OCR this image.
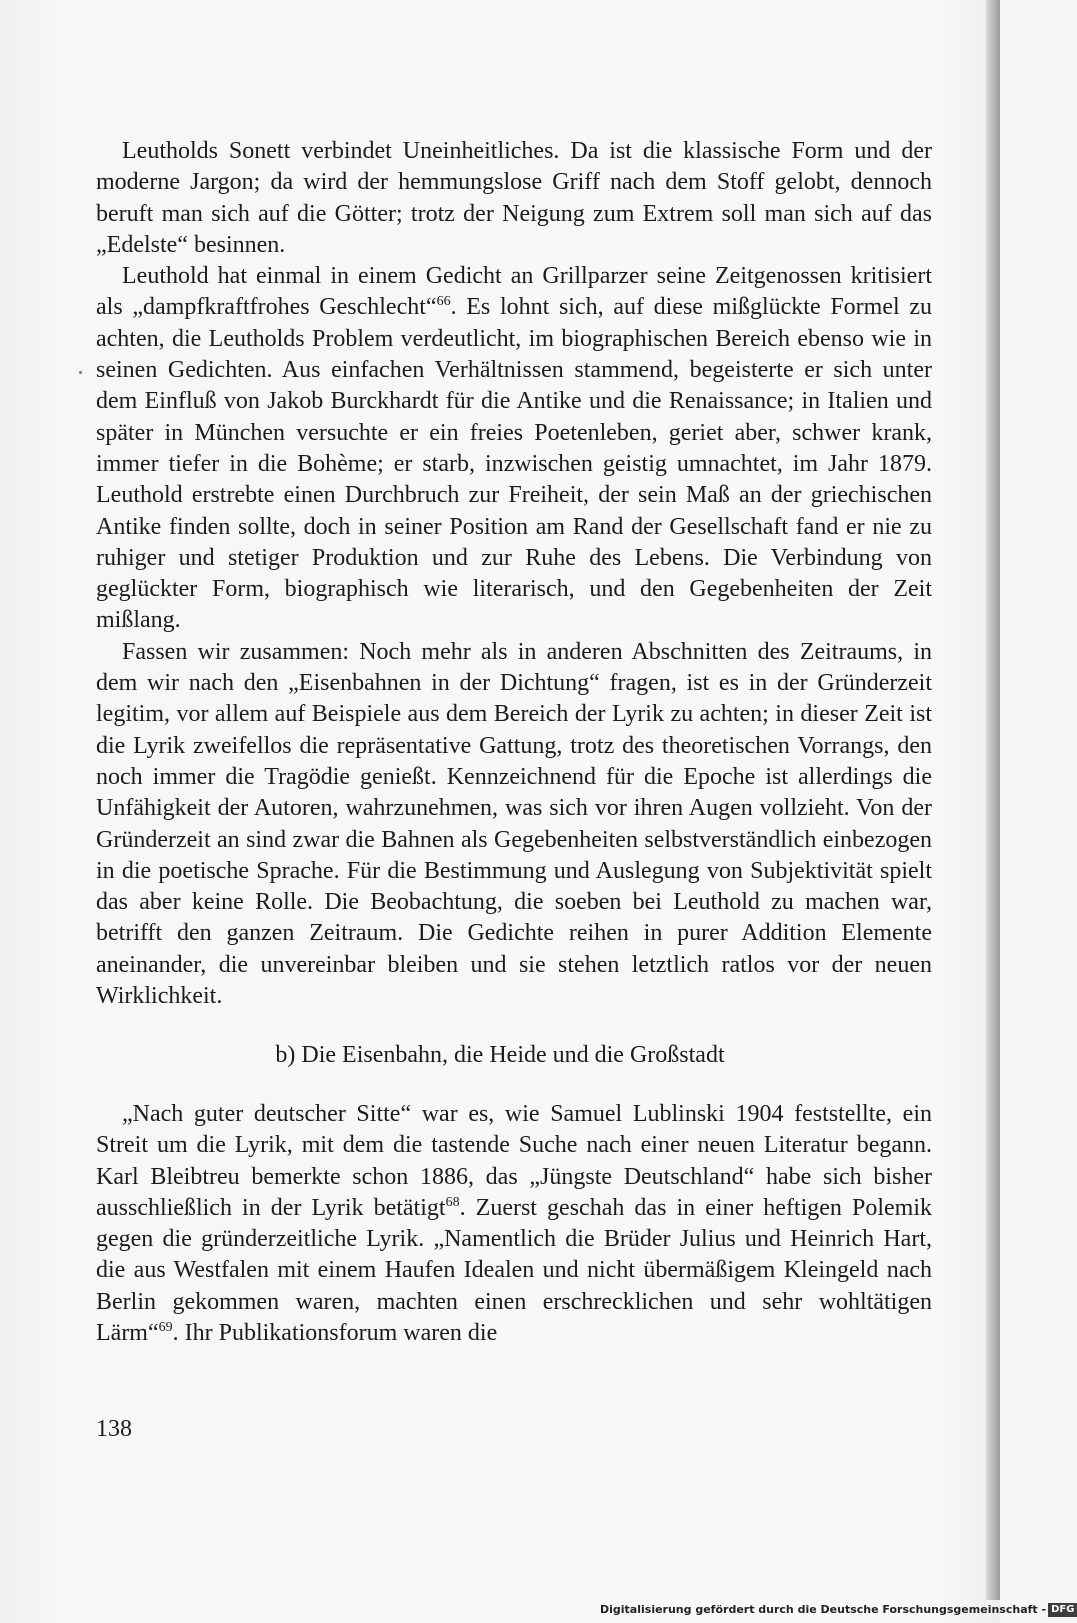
Leutholds Sonett verbindet Uneinheitliches. Da ist die klassische Form und der moderne Jargon; da wird der hemmungslose Griff nach dem Stoff gelobt, dennoch beruft man sich auf die Götter; trotz der Neigung zum Extrem soll man sich auf das „Edelste“ besinnen.

Leuthold hat einmal in einem Gedicht an Grillparzer seine Zeitgenossen kritisiert als „dampfkraftfrohes Geschlecht“$^{66}$. Es lohnt sich, auf diese mißglückte Formel zu achten, die Leutholds Problem verdeutlicht, im biographischen Bereich ebenso wie in seinen Gedichten. Aus einfachen Verhältnissen stammend, begeisterte er sich unter dem Einfluß von Jakob Burckhardt für die Antike und die Renaissance; in Italien und später in München versuchte er ein freies Poetenleben, geriet aber, schwer krank, immer tiefer in die Bohème; er starb, inzwischen geistig umnachtet, im Jahr 1879. Leuthold erstrebte einen Durchbruch zur Freiheit, der sein Maß an der griechischen Antike finden sollte, doch in seiner Position am Rand der Gesellschaft fand er nie zu ruhiger und stetiger Produktion und zur Ruhe des Lebens. Die Verbindung von geglückter Form, biographisch wie literarisch, und den Gegebenheiten der Zeit mißlang.

Fassen wir zusammen: Noch mehr als in anderen Abschnitten des Zeitraums, in dem wir nach den „Eisenbahnen in der Dichtung“ fragen, ist es in der Gründerzeit legitim, vor allem auf Beispiele aus dem Bereich der Lyrik zu achten; in dieser Zeit ist die Lyrik zweifellos die repräsentative Gattung, trotz des theoretischen Vorrangs, den noch immer die Tragödie genießt. Kennzeichnend für die Epoche ist allerdings die Unfähigkeit der Autoren, wahrzunehmen, was sich vor ihren Augen vollzieht. Von der Gründerzeit an sind zwar die Bahnen als Gegebenheiten selbstverständlich einbezogen in die poetische Sprache. Für die Bestimmung und Auslegung von Subjektivität spielt das aber keine Rolle. Die Beobachtung, die soeben bei Leuthold zu machen war, betrifft den ganzen Zeitraum. Die Gedichte reihen in purer Addition Elemente aneinander, die unvereinbar bleiben und sie stehen letztlich ratlos vor der neuen Wirklichkeit.

b) Die Eisenbahn, die Heide und die Großstadt

„Nach guter deutscher Sitte“ war es, wie Samuel Lublinski 1904 feststellte, ein Streit um die Lyrik, mit dem die tastende Suche nach einer neuen Literatur begann. Karl Bleibtreu bemerkte schon 1886, das „Jüngste Deutschland“ habe sich bisher ausschließlich in der Lyrik betätigt$^{68}$. Zuerst geschah das in einer heftigen Polemik gegen die gründerzeitliche Lyrik. „Namentlich die Brüder Julius und Heinrich Hart, die aus Westfalen mit einem Haufen Idealen und nicht übermäßigem Kleingeld nach Berlin gekommen waren, machten einen erschrecklichen und sehr wohltätigen Lärm“$^{69}$. Ihr Publikationsforum waren die

138
Digitalisierung gefördert durch die Deutsche Forschungsgemeinschaft - DFG
